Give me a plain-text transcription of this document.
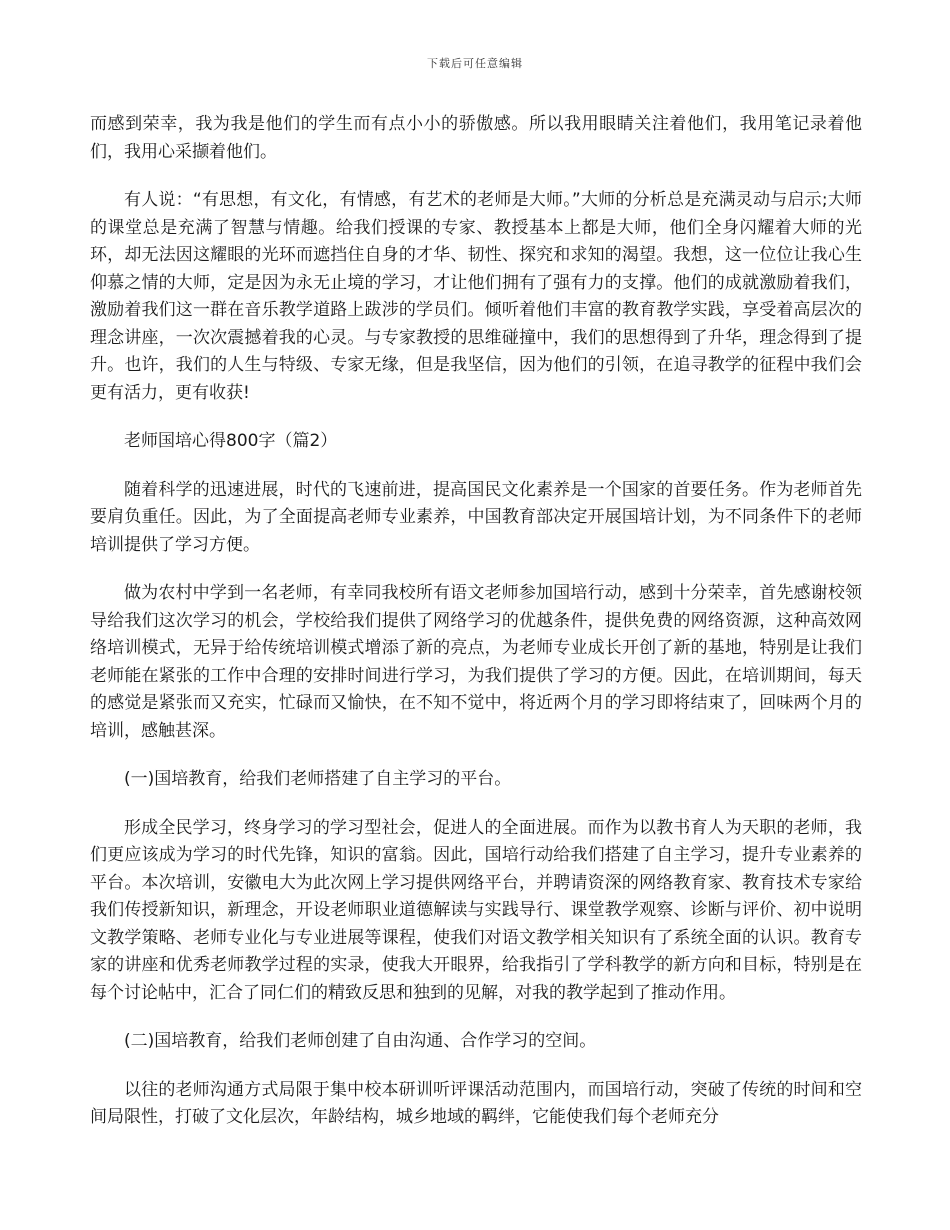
下载后可任意编辑

而感到荣幸，我为我是他们的学生而有点小小的骄傲感。所以我用眼睛关注着他们，我用笔记录着他们，我用心采撷着他们。

有人说：“有思想，有文化，有情感，有艺术的老师是大师。”大师的分析总是充满灵动与启示;大师的课堂总是充满了智慧与情趣。给我们授课的专家、教授基本上都是大师，他们全身闪耀着大师的光环，却无法因这耀眼的光环而遮挡住自身的才华、韧性、探究和求知的渴望。我想，这一位位让我心生仰慕之情的大师，定是因为永无止境的学习，才让他们拥有了强有力的支撑。他们的成就激励着我们，激励着我们这一群在音乐教学道路上跋涉的学员们。倾听着他们丰富的教育教学实践，享受着高层次的理念讲座，一次次震撼着我的心灵。与专家教授的思维碰撞中，我们的思想得到了升华，理念得到了提升。也许，我们的人生与特级、专家无缘，但是我坚信，因为他们的引领，在追寻教学的征程中我们会更有活力，更有收获!

老师国培心得800字（篇2）

随着科学的迅速进展，时代的飞速前进，提高国民文化素养是一个国家的首要任务。作为老师首先要肩负重任。因此，为了全面提高老师专业素养，中国教育部决定开展国培计划，为不同条件下的老师培训提供了学习方便。

做为农村中学到一名老师，有幸同我校所有语文老师参加国培行动，感到十分荣幸，首先感谢校领导给我们这次学习的机会，学校给我们提供了网络学习的优越条件，提供免费的网络资源，这种高效网络培训模式，无异于给传统培训模式增添了新的亮点，为老师专业成长开创了新的基地，特别是让我们老师能在紧张的工作中合理的安排时间进行学习，为我们提供了学习的方便。因此，在培训期间，每天的感觉是紧张而又充实，忙碌而又愉快，在不知不觉中，将近两个月的学习即将结束了，回味两个月的培训，感触甚深。

(一)国培教育，给我们老师搭建了自主学习的平台。

形成全民学习，终身学习的学习型社会，促进人的全面进展。而作为以教书育人为天职的老师，我们更应该成为学习的时代先锋，知识的富翁。因此，国培行动给我们搭建了自主学习，提升专业素养的平台。本次培训，安徽电大为此次网上学习提供网络平台，并聘请资深的网络教育家、教育技术专家给我们传授新知识，新理念，开设老师职业道德解读与实践导行、课堂教学观察、诊断与评价、初中说明文教学策略、老师专业化与专业进展等课程，使我们对语文教学相关知识有了系统全面的认识。教育专家的讲座和优秀老师教学过程的实录，使我大开眼界，给我指引了学科教学的新方向和目标，特别是在每个讨论帖中，汇合了同仁们的精致反思和独到的见解，对我的教学起到了推动作用。

(二)国培教育，给我们老师创建了自由沟通、合作学习的空间。

以往的老师沟通方式局限于集中校本研训听评课活动范围内，而国培行动，突破了传统的时间和空间局限性，打破了文化层次，年龄结构，城乡地域的羁绊，它能使我们每个老师充分
